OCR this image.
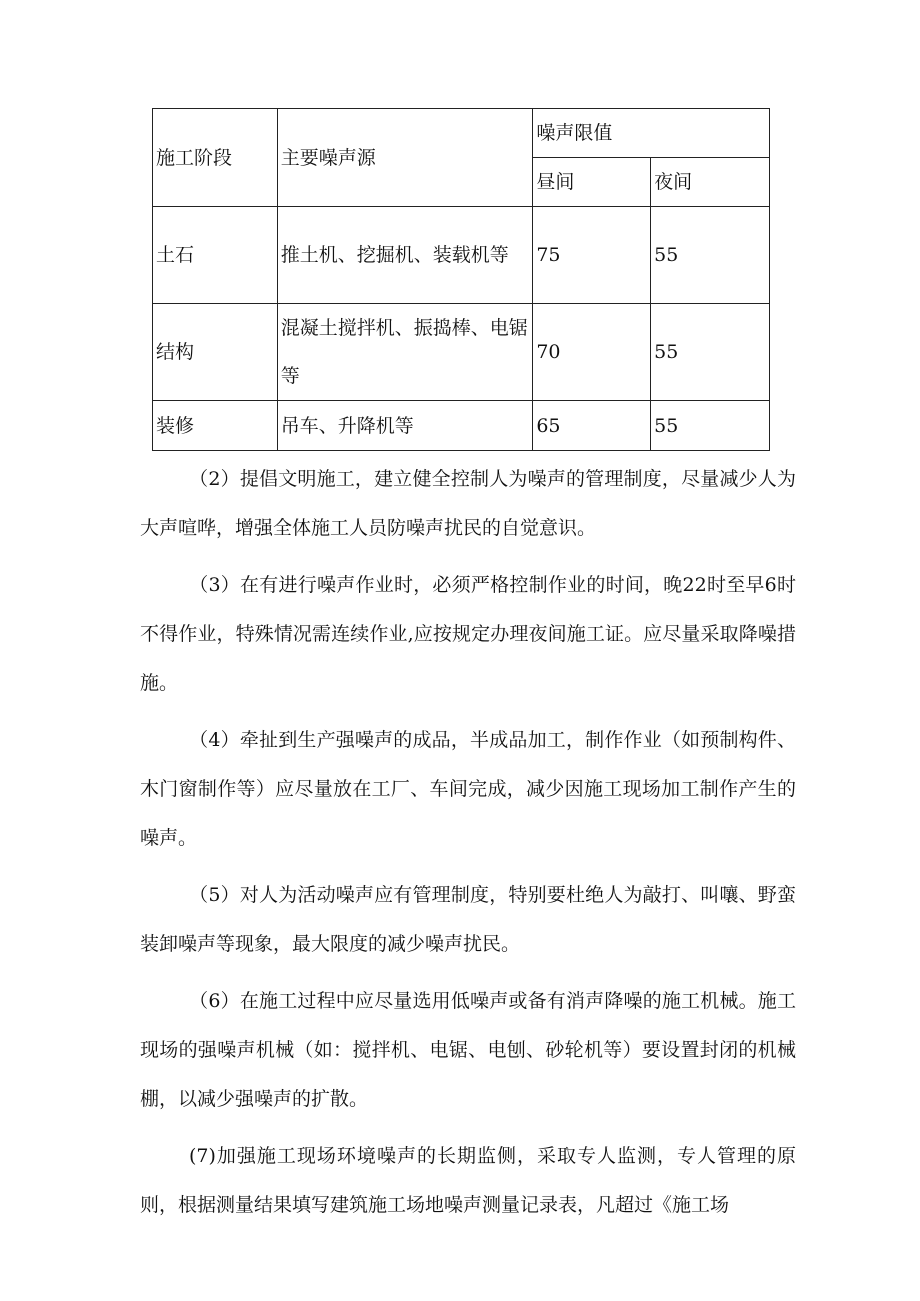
施工阶段	主要噪声源	噪声限值	
		昼间	夜间
土石	推土机、挖掘机、装载机等	75	55
结构	混凝土搅拌机、振捣棒、电锯等	70	55
装修	吊车、升降机等	65	55

（2）提倡文明施工，建立健全控制人为噪声的管理制度，尽量减少人为大声喧哗，增强全体施工人员防噪声扰民的自觉意识。

（3）在有进行噪声作业时，必须严格控制作业的时间，晚22时至早6时不得作业，特殊情况需连续作业,应按规定办理夜间施工证。应尽量采取降噪措施。

（4）牵扯到生产强噪声的成品，半成品加工，制作作业（如预制构件、木门窗制作等）应尽量放在工厂、车间完成，减少因施工现场加工制作产生的噪声。

（5）对人为活动噪声应有管理制度，特别要杜绝人为敲打、叫嚷、野蛮装卸噪声等现象，最大限度的减少噪声扰民。

（6）在施工过程中应尽量选用低噪声或备有消声降噪的施工机械。施工现场的强噪声机械（如：搅拌机、电锯、电刨、砂轮机等）要设置封闭的机械棚，以减少强噪声的扩散。

(7)加强施工现场环境噪声的长期监侧，采取专人监测，专人管理的原则，根据测量结果填写建筑施工场地噪声测量记录表，凡超过《施工场
